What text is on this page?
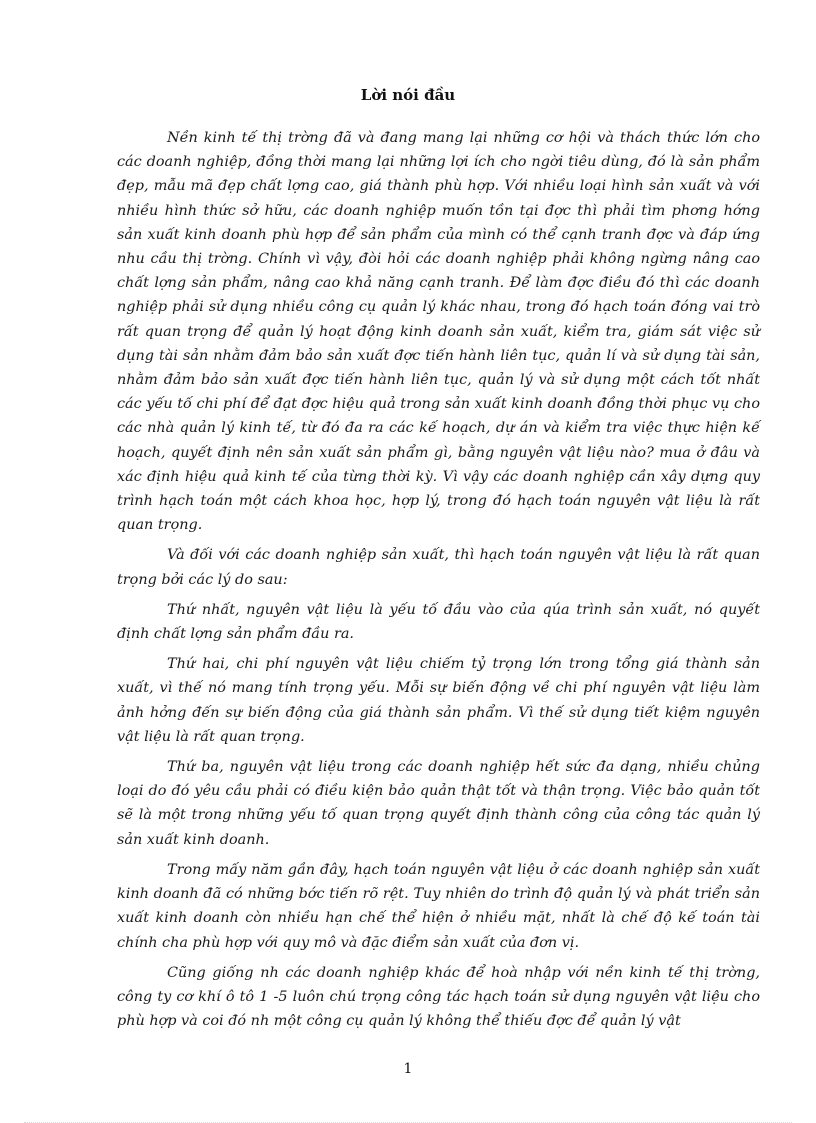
Lời nói đầu

Nền kinh tế thị trờng đã và đang mang lại những cơ hội và thách thức lớn cho các doanh nghiệp, đồng thời mang lại những lợi ích cho ngời tiêu dùng, đó là sản phẩm đẹp, mẫu mã đẹp chất lợng cao, giá thành phù hợp. Với nhiều loại hình sản xuất và với nhiều hình thức sở hữu, các doanh nghiệp muốn tồn tại đợc thì phải tìm phơng hớng sản xuất kinh doanh phù hợp để sản phẩm của mình có thể cạnh tranh đợc và đáp ứng nhu cầu thị trờng. Chính vì vậy, đòi hỏi các doanh nghiệp phải không ngừng nâng cao chất lợng sản phẩm, nâng cao khả năng cạnh tranh. Để làm đợc điều đó thì các doanh nghiệp phải sử dụng nhiều công cụ quản lý khác nhau, trong đó hạch toán đóng vai trò rất quan trọng để quản lý hoạt động kinh doanh sản xuất, kiểm tra, giám sát việc sử dụng tài sản nhằm đảm bảo sản xuất đợc tiến hành liên tục, quản lí và sử dụng tài sản, nhằm đảm bảo sản xuất đợc tiến hành liên tục, quản lý và sử dụng một cách tốt nhất các yếu tố chi phí để đạt đợc hiệu quả trong sản xuất kinh doanh đồng thời phục vụ cho các nhà quản lý kinh tế, từ đó đa ra các kế hoạch, dự án và kiểm tra việc thực hiện kế hoạch, quyết định nên sản xuất sản phẩm gì, bằng nguyên vật liệu nào? mua ở đâu và xác định hiệu quả kinh tế của từng thời kỳ. Vì vậy các doanh nghiệp cần xây dựng quy trình hạch toán một cách khoa học, hợp lý, trong đó hạch toán nguyên vật liệu là rất quan trọng.

Và đối với các doanh nghiệp sản xuất, thì hạch toán nguyên vật liệu là rất quan trọng bởi các lý do sau:

Thứ nhất, nguyên vật liệu là yếu tố đầu vào của qúa trình sản xuất, nó quyết định chất lợng sản phẩm đầu ra.

Thứ hai, chi phí nguyên vật liệu chiếm tỷ trọng lớn trong tổng giá thành sản xuất, vì thế nó mang tính trọng yếu. Mỗi sự biến động về chi phí nguyên vật liệu làm ảnh hởng đến sự biến động của giá thành sản phẩm. Vì thế sử dụng tiết kiệm nguyên vật liệu là rất quan trọng.

Thứ ba, nguyên vật liệu trong các doanh nghiệp hết sức đa dạng, nhiều chủng loại do đó yêu cầu phải có điều kiện bảo quản thật tốt và thận trọng. Việc bảo quản tốt sẽ là một trong những yếu tố quan trọng quyết định thành công của công tác quản lý sản xuất kinh doanh.

Trong mấy năm gần đây, hạch toán nguyên vật liệu ở các doanh nghiệp sản xuất kinh doanh đã có những bớc tiến rõ rệt. Tuy nhiên do trình độ quản lý và phát triển sản xuất kinh doanh còn nhiều hạn chế thể hiện ở nhiều mặt, nhất là chế độ kế toán tài chính cha phù hợp với quy mô và đặc điểm sản xuất của đơn vị.

Cũng giống nh các doanh nghiệp khác để hoà nhập với nền kinh tế thị trờng, công ty cơ khí ô tô 1 -5 luôn chú trọng công tác hạch toán sử dụng nguyên vật liệu cho phù hợp và coi đó nh một công cụ quản lý không thể thiếu đợc để quản lý vật

1
